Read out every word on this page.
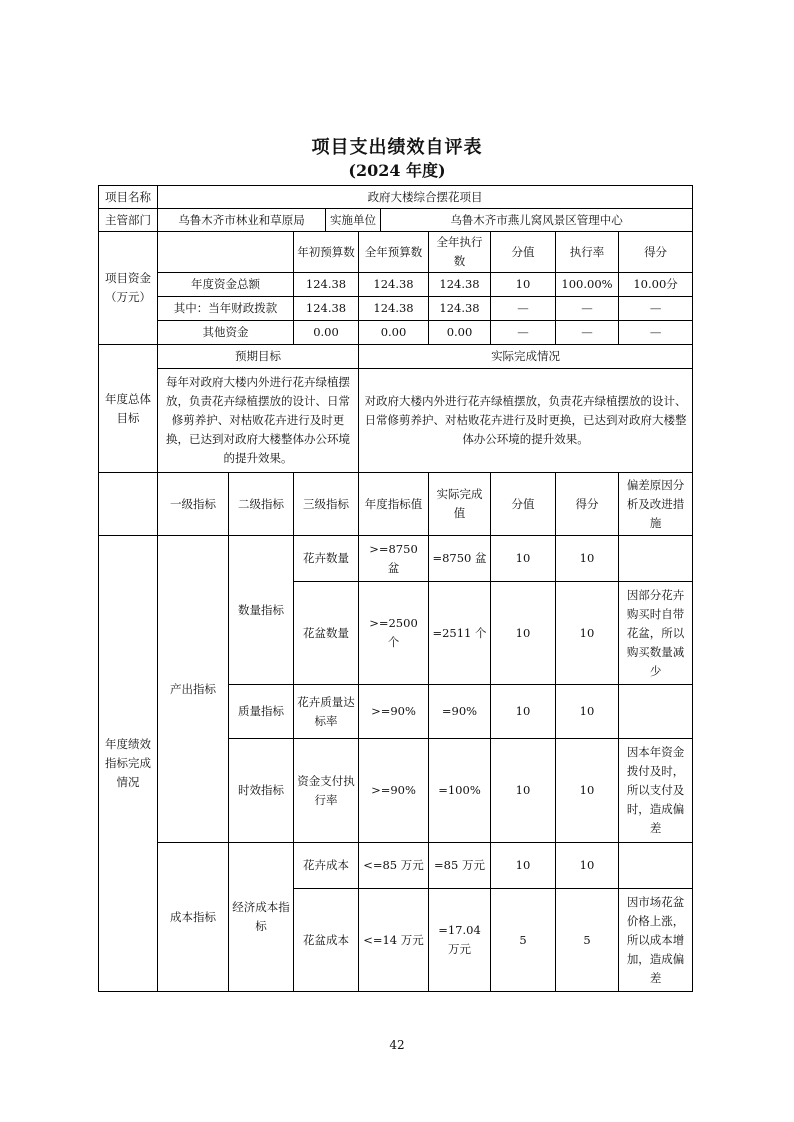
项目支出绩效自评表
(2024 年度)
项目名称	政府大楼综合摆花项目									
主管部门	乌鲁木齐市林业和草原局			实施单位		乌鲁木齐市燕儿窝风景区管理中心				
项目资金（万元）			年初预算数		全年预算数		全年执行数	分值	执行率	得分
	年度资金总额		124.38		124.38		124.38	10	100.00%	10.00分
	其中：当年财政拨款		124.38		124.38		124.38	—	—	—
	其他资金		0.00		0.00		0.00	—	—	—
年度总体目标	预期目标				实际完成情况					
	每年对政府大楼内外进行花卉绿植摆放，负责花卉绿植摆放的设计、日常修剪养护、对枯败花卉进行及时更换，已达到对政府大楼整体办公环境的提升效果。				对政府大楼内外进行花卉绿植摆放，负责花卉绿植摆放的设计、日常修剪养护、对枯败花卉进行及时更换，已达到对政府大楼整体办公环境的提升效果。					
	一级指标	二级指标	三级指标		年度指标值		实际完成值	分值	得分	偏差原因分析及改进措施
年度绩效指标完成情况	产出指标	数量指标	花卉数量		>=8750 盆		=8750 盆	10	10	
			花盆数量		>=2500 个		=2511 个	10	10	因部分花卉购买时自带花盆，所以购买数量减少
		质量指标	花卉质量达标率		>=90%		=90%	10	10	
		时效指标	资金支付执行率		>=90%		=100%	10	10	因本年资金拨付及时，所以支付及时，造成偏差
	成本指标	经济成本指标	花卉成本		<=85 万元		=85 万元	10	10	
			花盆成本		<=14 万元		=17.04 万元	5	5	因市场花盆价格上涨，所以成本增加，造成偏差
42
